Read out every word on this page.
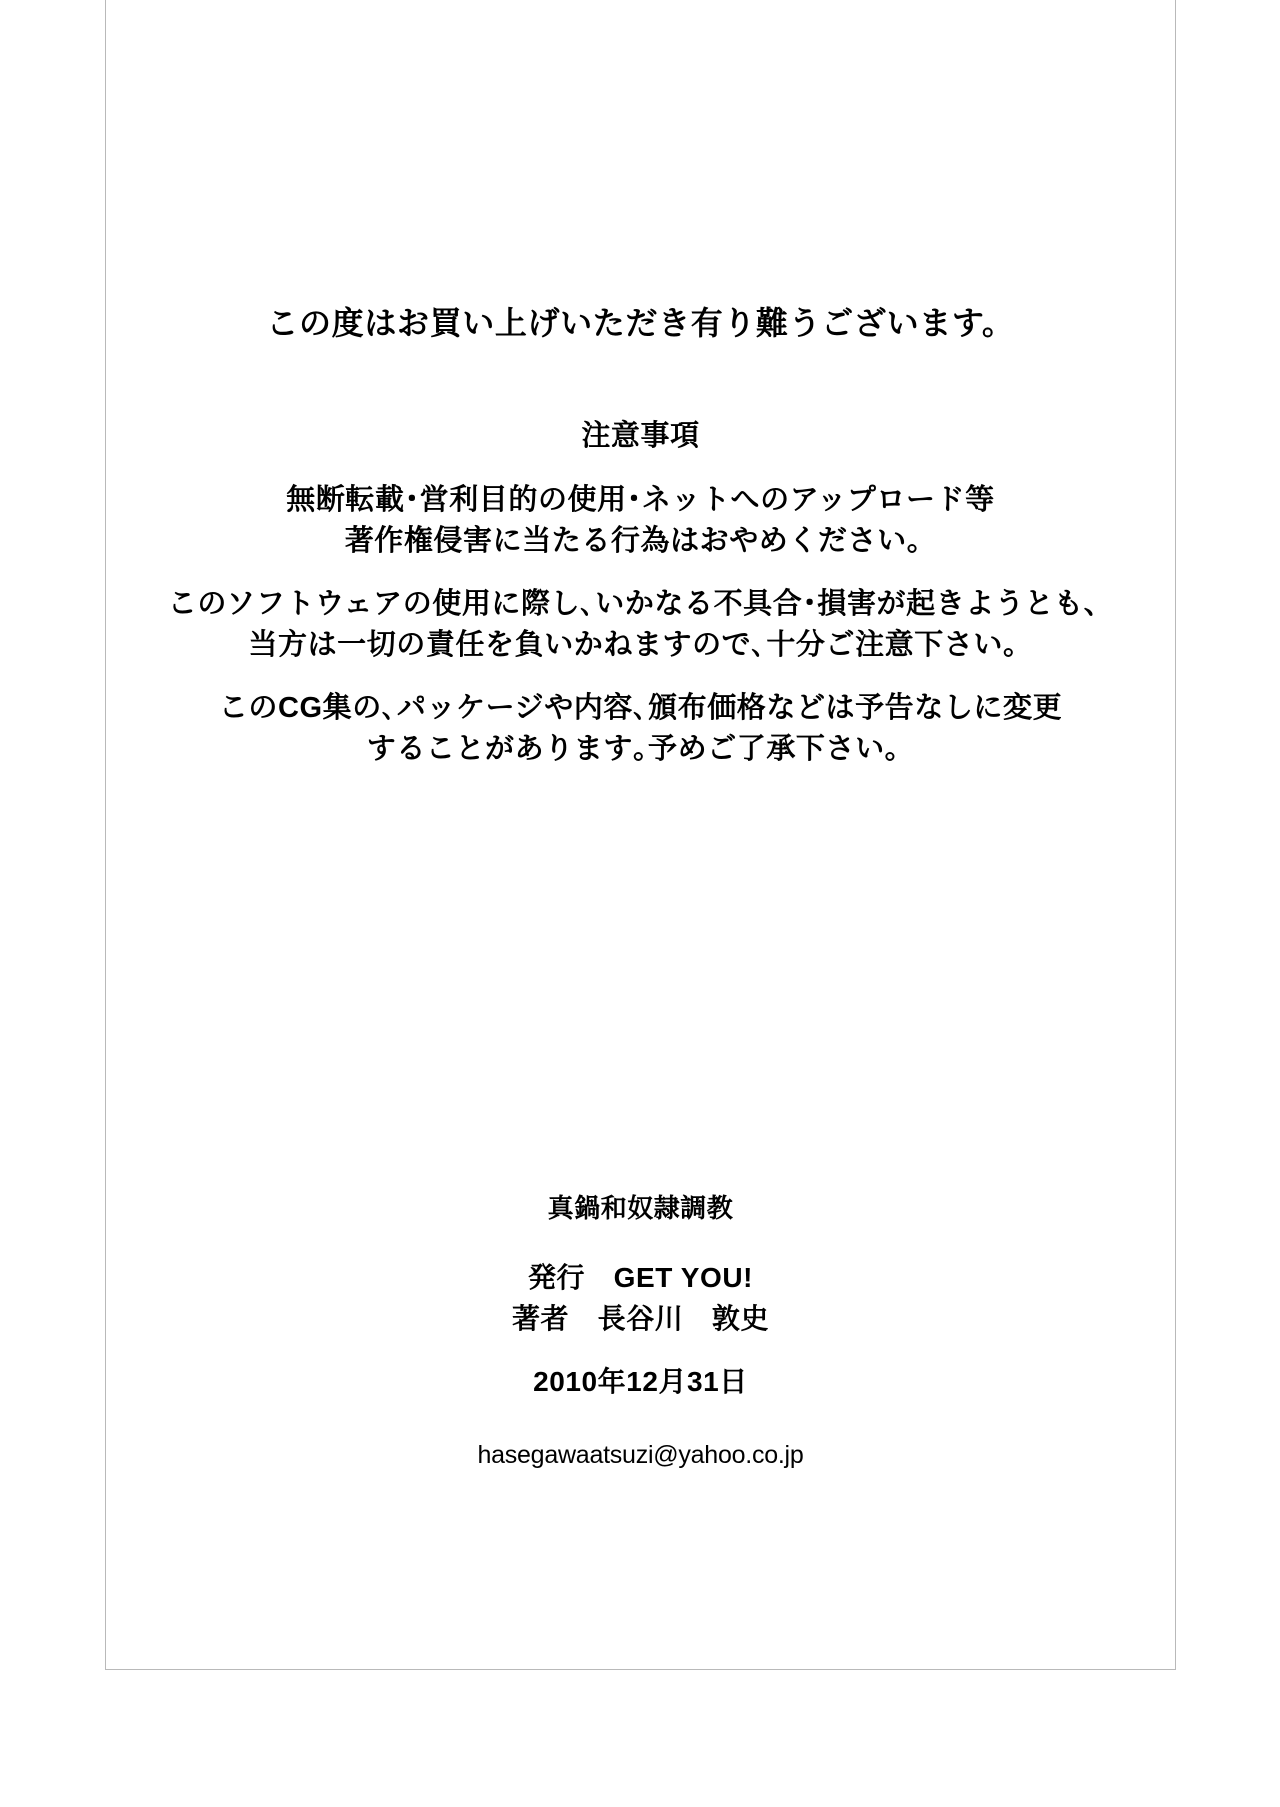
この度はお買い上げいただき有り難うございます。
注意事項
無断転載･営利目的の使用･ネットへのアップロード等
著作権侵害に当たる行為はおやめください。
このソフトウェアの使用に際し､いかなる不具合･損害が起きようとも、
当方は一切の責任を負いかねますので､十分ご注意下さい。
このCG集の､パッケージや内容､頒布価格などは予告なしに変更
することがあります｡予めご了承下さい。
真鍋和奴隷調教
発行　GET YOU!
著者　長谷川　敦史
2010年12月31日
hasegawaatsuzi@yahoo.co.jp
